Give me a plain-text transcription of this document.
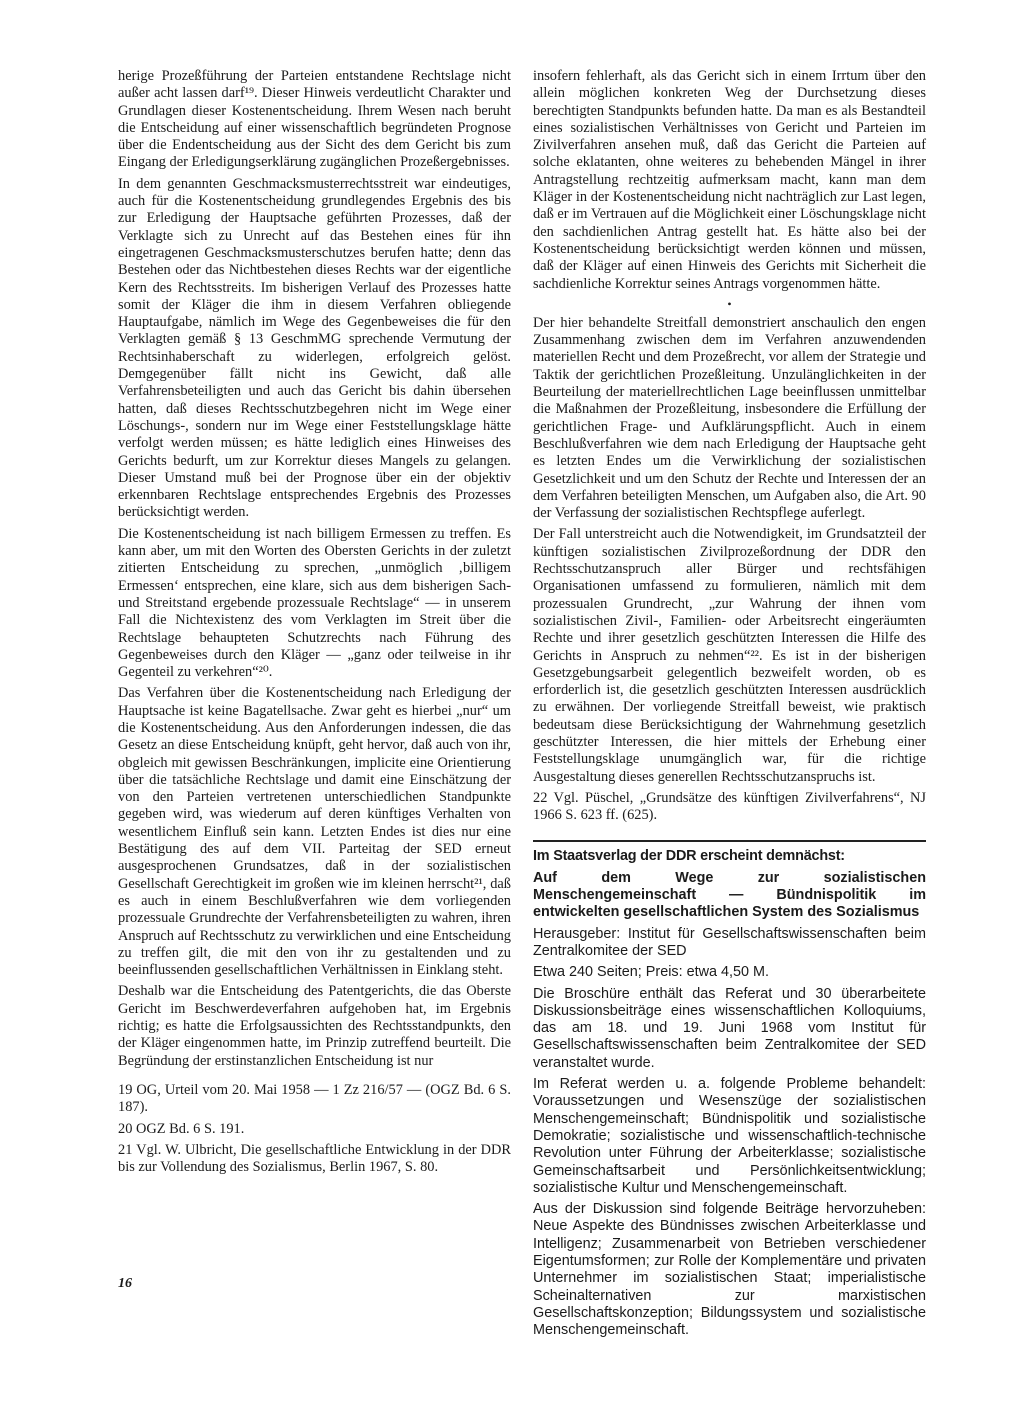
herige Prozeßführung der Parteien entstandene Rechtslage nicht außer acht lassen darf¹⁹. Dieser Hinweis verdeutlicht Charakter und Grundlagen dieser Kostenentscheidung. Ihrem Wesen nach beruht die Entscheidung auf einer wissenschaftlich begründeten Prognose über die Endentscheidung aus der Sicht des dem Gericht bis zum Eingang der Erledigungserklärung zugänglichen Prozeßergebnisses.

In dem genannten Geschmacksmusterrechtsstreit war eindeutiges, auch für die Kostenentscheidung grundlegendes Ergebnis des bis zur Erledigung der Hauptsache geführten Prozesses, daß der Verklagte sich zu Unrecht auf das Bestehen eines für ihn eingetragenen Geschmacksmusterschutzes berufen hatte; denn das Bestehen oder das Nichtbestehen dieses Rechts war der eigentliche Kern des Rechtsstreits. Im bisherigen Verlauf des Prozesses hatte somit der Kläger die ihm in diesem Verfahren obliegende Hauptaufgabe, nämlich im Wege des Gegenbeweises die für den Verklagten gemäß § 13 GeschmMG sprechende Vermutung der Rechtsinhaberschaft zu widerlegen, erfolgreich gelöst. Demgegenüber fällt nicht ins Gewicht, daß alle Verfahrensbeteiligten und auch das Gericht bis dahin übersehen hatten, daß dieses Rechtsschutzbegehren nicht im Wege einer Löschungs-, sondern nur im Wege einer Feststellungsklage hätte verfolgt werden müssen; es hätte lediglich eines Hinweises des Gerichts bedurft, um zur Korrektur dieses Mangels zu gelangen. Dieser Umstand muß bei der Prognose über ein der objektiv erkennbaren Rechtslage entsprechendes Ergebnis des Prozesses berücksichtigt werden.

Die Kostenentscheidung ist nach billigem Ermessen zu treffen. Es kann aber, um mit den Worten des Obersten Gerichts in der zuletzt zitierten Entscheidung zu sprechen, „unmöglich ‚billigem Ermessen‘ entsprechen, eine klare, sich aus dem bisherigen Sach- und Streitstand ergebende prozessuale Rechtslage“ — in unserem Fall die Nichtexistenz des vom Verklagten im Streit über die Rechtslage behaupteten Schutzrechts nach Führung des Gegenbeweises durch den Kläger — „ganz oder teilweise in ihr Gegenteil zu verkehren“²⁰.

Das Verfahren über die Kostenentscheidung nach Erledigung der Hauptsache ist keine Bagatellsache. Zwar geht es hierbei „nur“ um die Kostenentscheidung. Aus den Anforderungen indessen, die das Gesetz an diese Entscheidung knüpft, geht hervor, daß auch von ihr, obgleich mit gewissen Beschränkungen, implicite eine Orientierung über die tatsächliche Rechtslage und damit eine Einschätzung der von den Parteien vertretenen unterschiedlichen Standpunkte gegeben wird, was wiederum auf deren künftiges Verhalten von wesentlichem Einfluß sein kann. Letzten Endes ist dies nur eine Bestätigung des auf dem VII. Parteitag der SED erneut ausgesprochenen Grundsatzes, daß in der sozialistischen Gesellschaft Gerechtigkeit im großen wie im kleinen herrscht²¹, daß es auch in einem Beschlußverfahren wie dem vorliegenden prozessuale Grundrechte der Verfahrensbeteiligten zu wahren, ihren Anspruch auf Rechtsschutz zu verwirklichen und eine Entscheidung zu treffen gilt, die mit den von ihr zu gestaltenden und zu beeinflussenden gesellschaftlichen Verhältnissen in Einklang steht.

Deshalb war die Entscheidung des Patentgerichts, die das Oberste Gericht im Beschwerdeverfahren aufgehoben hat, im Ergebnis richtig; es hatte die Erfolgsaussichten des Rechtsstandpunkts, den der Kläger eingenommen hatte, im Prinzip zutreffend beurteilt. Die Begründung der erstinstanzlichen Entscheidung ist nur

19 OG, Urteil vom 20. Mai 1958 — 1 Zz 216/57 — (OGZ Bd. 6 S. 187).

20 OGZ Bd. 6 S. 191.

21 Vgl. W. Ulbricht, Die gesellschaftliche Entwicklung in der DDR bis zur Vollendung des Sozialismus, Berlin 1967, S. 80.

16

insofern fehlerhaft, als das Gericht sich in einem Irrtum über den allein möglichen konkreten Weg der Durchsetzung dieses berechtigten Standpunkts befunden hatte. Da man es als Bestandteil eines sozialistischen Verhältnisses von Gericht und Parteien im Zivilverfahren ansehen muß, daß das Gericht die Parteien auf solche eklatanten, ohne weiteres zu behebenden Mängel in ihrer Antragstellung rechtzeitig aufmerksam macht, kann man dem Kläger in der Kostenentscheidung nicht nachträglich zur Last legen, daß er im Vertrauen auf die Möglichkeit einer Löschungsklage nicht den sachdienlichen Antrag gestellt hat. Es hätte also bei der Kostenentscheidung berücksichtigt werden können und müssen, daß der Kläger auf einen Hinweis des Gerichts mit Sicherheit die sachdienliche Korrektur seines Antrags vorgenommen hätte.

•

Der hier behandelte Streitfall demonstriert anschaulich den engen Zusammenhang zwischen dem im Verfahren anzuwendenden materiellen Recht und dem Prozeßrecht, vor allem der Strategie und Taktik der gerichtlichen Prozeßleitung. Unzulänglichkeiten in der Beurteilung der materiellrechtlichen Lage beeinflussen unmittelbar die Maßnahmen der Prozeßleitung, insbesondere die Erfüllung der gerichtlichen Frage- und Aufklärungspflicht. Auch in einem Beschlußverfahren wie dem nach Erledigung der Hauptsache geht es letzten Endes um die Verwirklichung der sozialistischen Gesetzlichkeit und um den Schutz der Rechte und Interessen der an dem Verfahren beteiligten Menschen, um Aufgaben also, die Art. 90 der Verfassung der sozialistischen Rechtspflege auferlegt.

Der Fall unterstreicht auch die Notwendigkeit, im Grundsatzteil der künftigen sozialistischen Zivilprozeßordnung der DDR den Rechtsschutzanspruch aller Bürger und rechtsfähigen Organisationen umfassend zu formulieren, nämlich mit dem prozessualen Grundrecht, „zur Wahrung der ihnen vom sozialistischen Zivil-, Familien- oder Arbeitsrecht eingeräumten Rechte und ihrer gesetzlich geschützten Interessen die Hilfe des Gerichts in Anspruch zu nehmen“²². Es ist in der bisherigen Gesetzgebungsarbeit gelegentlich bezweifelt worden, ob es erforderlich ist, die gesetzlich geschützten Interessen ausdrücklich zu erwähnen. Der vorliegende Streitfall beweist, wie praktisch bedeutsam diese Berücksichtigung der Wahrnehmung gesetzlich geschützter Interessen, die hier mittels der Erhebung einer Feststellungsklage unumgänglich war, für die richtige Ausgestaltung dieses generellen Rechtsschutzanspruchs ist.

22 Vgl. Püschel, „Grundsätze des künftigen Zivilverfahrens“, NJ 1966 S. 623 ff. (625).

Im Staatsverlag der DDR erscheint demnächst:

Auf dem Wege zur sozialistischen Menschengemeinschaft — Bündnispolitik im entwickelten gesellschaftlichen System des Sozialismus

Herausgeber: Institut für Gesellschaftswissenschaften beim Zentralkomitee der SED

Etwa 240 Seiten; Preis: etwa 4,50 M.

Die Broschüre enthält das Referat und 30 überarbeitete Diskussionsbeiträge eines wissenschaftlichen Kolloquiums, das am 18. und 19. Juni 1968 vom Institut für Gesellschaftswissenschaften beim Zentralkomitee der SED veranstaltet wurde.

Im Referat werden u. a. folgende Probleme behandelt: Voraussetzungen und Wesenszüge der sozialistischen Menschengemeinschaft; Bündnispolitik und sozialistische Demokratie; sozialistische und wissenschaftlich-technische Revolution unter Führung der Arbeiterklasse; sozialistische Gemeinschaftsarbeit und Persönlichkeitsentwicklung; sozialistische Kultur und Menschengemeinschaft.

Aus der Diskussion sind folgende Beiträge hervorzuheben: Neue Aspekte des Bündnisses zwischen Arbeiterklasse und Intelligenz; Zusammenarbeit von Betrieben verschiedener Eigentumsformen; zur Rolle der Komplementäre und privaten Unternehmer im sozialistischen Staat; imperialistische Scheinalternativen zur marxistischen Gesellschaftskonzeption; Bildungssystem und sozialistische Menschengemeinschaft.
